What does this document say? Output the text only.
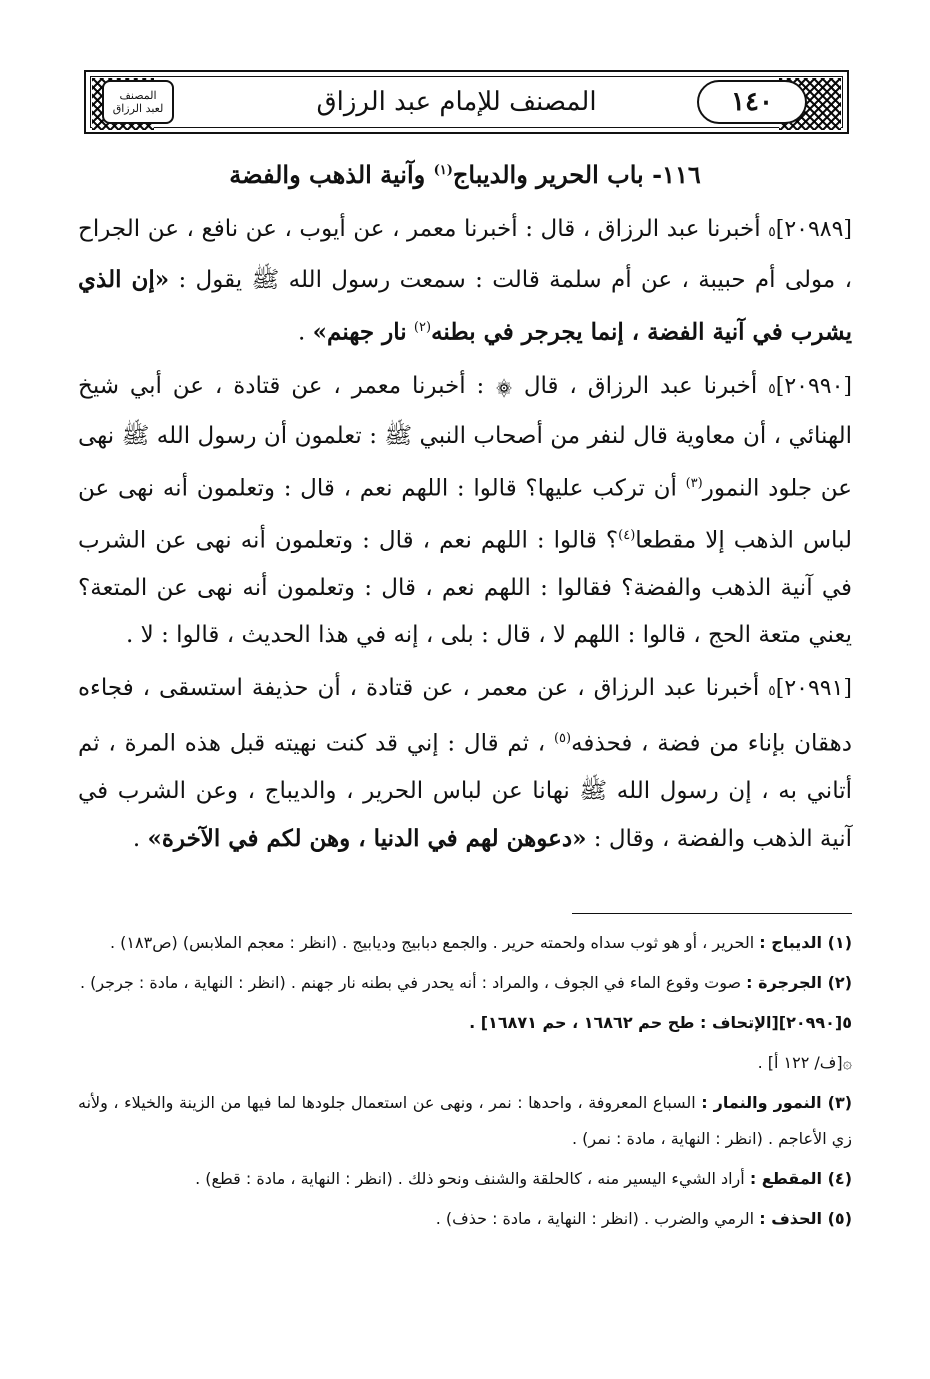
المصنف
لعبد الرزاق	المصنف للإمام عبد الرزاق	١٤٠
١١٦- باب الحرير والديباج$^{(١)}$ وآنية الذهب والفضة

٥[٢٠٩٨٩] أخبرنا عبد الرزاق ، قال : أخبرنا معمر ، عن أيوب ، عن نافع ، عن الجراح ، مولى أم حبيبة ، عن أم سلمة قالت : سمعت رسول الله ﷺ يقول : «إن الذي يشرب في آنية الفضة ، إنما يجرجر في بطنه$^{(٢)}$ نار جهنم» .

٥[٢٠٩٩٠] أخبرنا عبد الرزاق ، قال ۞ : أخبرنا معمر ، عن قتادة ، عن أبي شيخ الهنائي ، أن معاوية قال لنفر من أصحاب النبي ﷺ : تعلمون أن رسول الله ﷺ نهى عن جلود النمور$^{(٣)}$ أن تركب عليها؟ قالوا : اللهم نعم ، قال : وتعلمون أنه نهى عن لباس الذهب إلا مقطعا$^{(٤)}$؟ قالوا : اللهم نعم ، قال : وتعلمون أنه نهى عن الشرب في آنية الذهب والفضة؟ فقالوا : اللهم نعم ، قال : وتعلمون أنه نهى عن المتعة؟ يعني متعة الحج ، قالوا : اللهم لا ، قال : بلى ، إنه في هذا الحديث ، قالوا : لا .

٥[٢٠٩٩١] أخبرنا عبد الرزاق ، عن معمر ، عن قتادة ، أن حذيفة استسقى ، فجاءه دهقان بإناء من فضة ، فحذفه$^{(٥)}$ ، ثم قال : إني قد كنت نهيته قبل هذه المرة ، ثم أتاني به ، إن رسول الله ﷺ نهانا عن لباس الحرير ، والديباج ، وعن الشرب في آنية الذهب والفضة ، وقال : «دعوهن لهم في الدنيا ، وهن لكم في الآخرة» .

(١) الديباج : الحرير ، أو هو ثوب سداه ولحمته حرير . والجمع دبابيج وديابيج . (انظر : معجم الملابس) (ص١٨٣) .

(٢) الجرجرة : صوت وقوع الماء في الجوف ، والمراد : أنه يحدر في بطنه نار جهنم . (انظر : النهاية ، مادة : جرجر) .

٥[٢٠٩٩٠][الإتحاف : طح حم ١٦٨٦٢ ، حم ١٦٨٧١] .

۞[ف/ ١٢٢ أ] .

(٣) النمور والنمار : السباع المعروفة ، واحدها : نمر ، ونهى عن استعمال جلودها لما فيها من الزينة والخيلاء ، ولأنه زي الأعاجم . (انظر : النهاية ، مادة : نمر) .

(٤) المقطع : أراد الشيء اليسير منه ، كالحلقة والشنف ونحو ذلك . (انظر : النهاية ، مادة : قطع) .

(٥) الحذف : الرمي والضرب . (انظر : النهاية ، مادة : حذف) .
